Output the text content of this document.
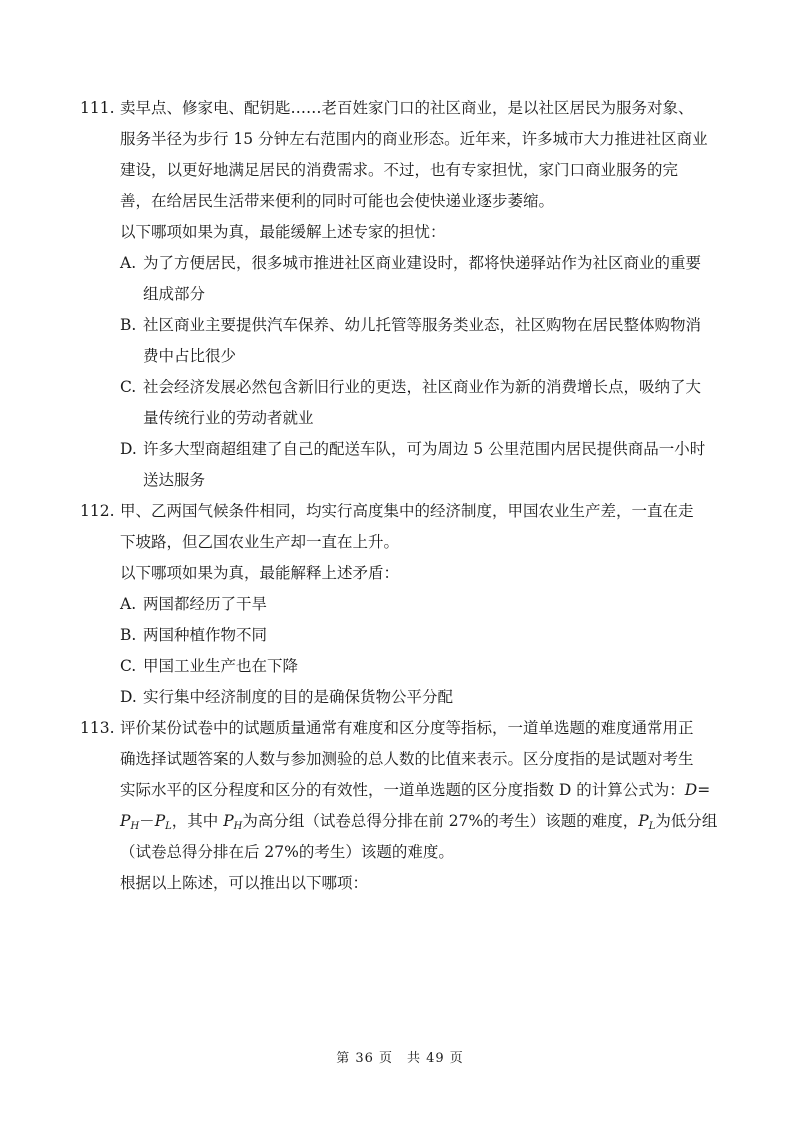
111. 卖早点、修家电、配钥匙……老百姓家门口的社区商业，是以社区居民为服务对象、
服务半径为步行 15 分钟左右范围内的商业形态。近年来，许多城市大力推进社区商业
建设，以更好地满足居民的消费需求。不过，也有专家担忧，家门口商业服务的完
善，在给居民生活带来便利的同时可能也会使快递业逐步萎缩。
以下哪项如果为真，最能缓解上述专家的担忧：
A. 为了方便居民，很多城市推进社区商业建设时，都将快递驿站作为社区商业的重要
组成部分
B. 社区商业主要提供汽车保养、幼儿托管等服务类业态，社区购物在居民整体购物消
费中占比很少
C. 社会经济发展必然包含新旧行业的更迭，社区商业作为新的消费增长点，吸纳了大
量传统行业的劳动者就业
D. 许多大型商超组建了自己的配送车队，可为周边 5 公里范围内居民提供商品一小时
送达服务
112. 甲、乙两国气候条件相同，均实行高度集中的经济制度，甲国农业生产差，一直在走
下坡路，但乙国农业生产却一直在上升。
以下哪项如果为真，最能解释上述矛盾：
A. 两国都经历了干旱
B. 两国种植作物不同
C. 甲国工业生产也在下降
D. 实行集中经济制度的目的是确保货物公平分配
113. 评价某份试卷中的试题质量通常有难度和区分度等指标，一道单选题的难度通常用正
确选择试题答案的人数与参加测验的总人数的比值来表示。区分度指的是试题对考生
实际水平的区分程度和区分的有效性，一道单选题的区分度指数 D 的计算公式为：D=
$P_H-P_L$，其中 $P_H$为高分组（试卷总得分排在前 27%的考生）该题的难度，$P_L$为低分组
（试卷总得分排在后 27%的考生）该题的难度。
根据以上陈述，可以推出以下哪项：
第 36 页　共 49 页
